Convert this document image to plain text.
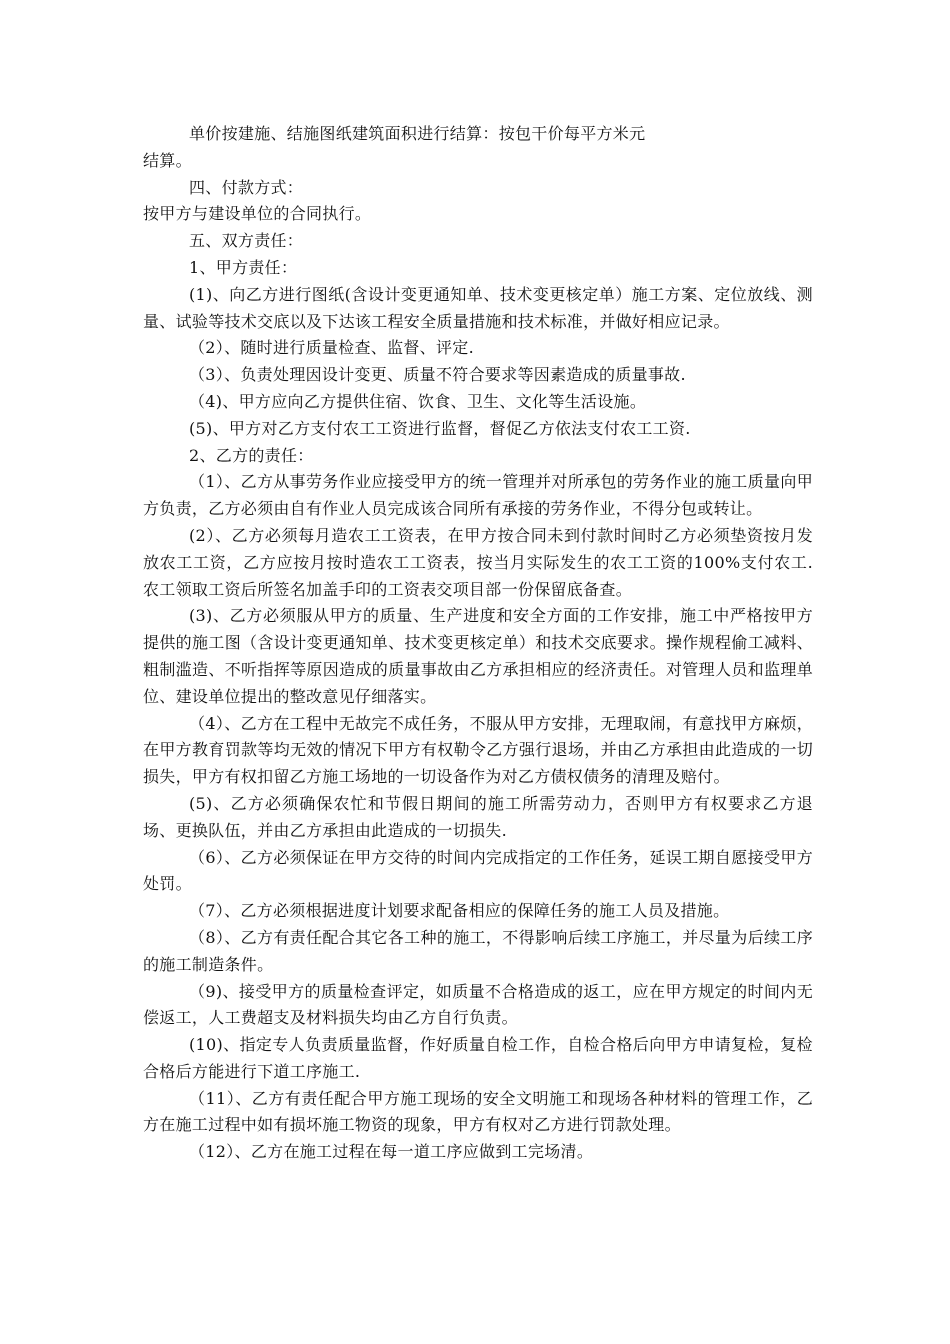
单价按建施、结施图纸建筑面积进行结算：按包干价每平方米元

结算。

四、付款方式：

按甲方与建设单位的合同执行。

五、双方责任：

1、甲方责任：

(1)、向乙方进行图纸(含设计变更通知单、技术变更核定单）施工方案、定位放线、测量、试验等技术交底以及下达该工程安全质量措施和技术标准，并做好相应记录。

（2）、随时进行质量检查、监督、评定.

（3）、负责处理因设计变更、质量不符合要求等因素造成的质量事故.

（4)、甲方应向乙方提供住宿、饮食、卫生、文化等生活设施。

(5)、甲方对乙方支付农工工资进行监督，督促乙方依法支付农工工资.

2、乙方的责任：

（1）、乙方从事劳务作业应接受甲方的统一管理并对所承包的劳务作业的施工质量向甲方负责，乙方必须由自有作业人员完成该合同所有承接的劳务作业，不得分包或转让。

(2）、乙方必须每月造农工工资表，在甲方按合同未到付款时间时乙方必须垫资按月发放农工工资，乙方应按月按时造农工工资表，按当月实际发生的农工工资的100%支付农工.农工领取工资后所签名加盖手印的工资表交项目部一份保留底备查。

(3)、乙方必须服从甲方的质量、生产进度和安全方面的工作安排，施工中严格按甲方提供的施工图（含设计变更通知单、技术变更核定单）和技术交底要求。操作规程偷工减料、粗制滥造、不听指挥等原因造成的质量事故由乙方承担相应的经济责任。对管理人员和监理单位、建设单位提出的整改意见仔细落实。

（4）、乙方在工程中无故完不成任务，不服从甲方安排，无理取闹，有意找甲方麻烦，在甲方教育罚款等均无效的情况下甲方有权勒令乙方强行退场，并由乙方承担由此造成的一切损失，甲方有权扣留乙方施工场地的一切设备作为对乙方债权债务的清理及赔付。

(5)、乙方必须确保农忙和节假日期间的施工所需劳动力，否则甲方有权要求乙方退场、更换队伍，并由乙方承担由此造成的一切损失.

（6）、乙方必须保证在甲方交待的时间内完成指定的工作任务，延误工期自愿接受甲方处罚。

（7）、乙方必须根据进度计划要求配备相应的保障任务的施工人员及措施。

（8）、乙方有责任配合其它各工种的施工，不得影响后续工序施工，并尽量为后续工序的施工制造条件。

（9)、接受甲方的质量检查评定，如质量不合格造成的返工，应在甲方规定的时间内无偿返工，人工费超支及材料损失均由乙方自行负责。

(10)、指定专人负责质量监督，作好质量自检工作，自检合格后向甲方申请复检，复检合格后方能进行下道工序施工.

（11）、乙方有责任配合甲方施工现场的安全文明施工和现场各种材料的管理工作，乙方在施工过程中如有损坏施工物资的现象，甲方有权对乙方进行罚款处理。

（12）、乙方在施工过程在每一道工序应做到工完场清。
